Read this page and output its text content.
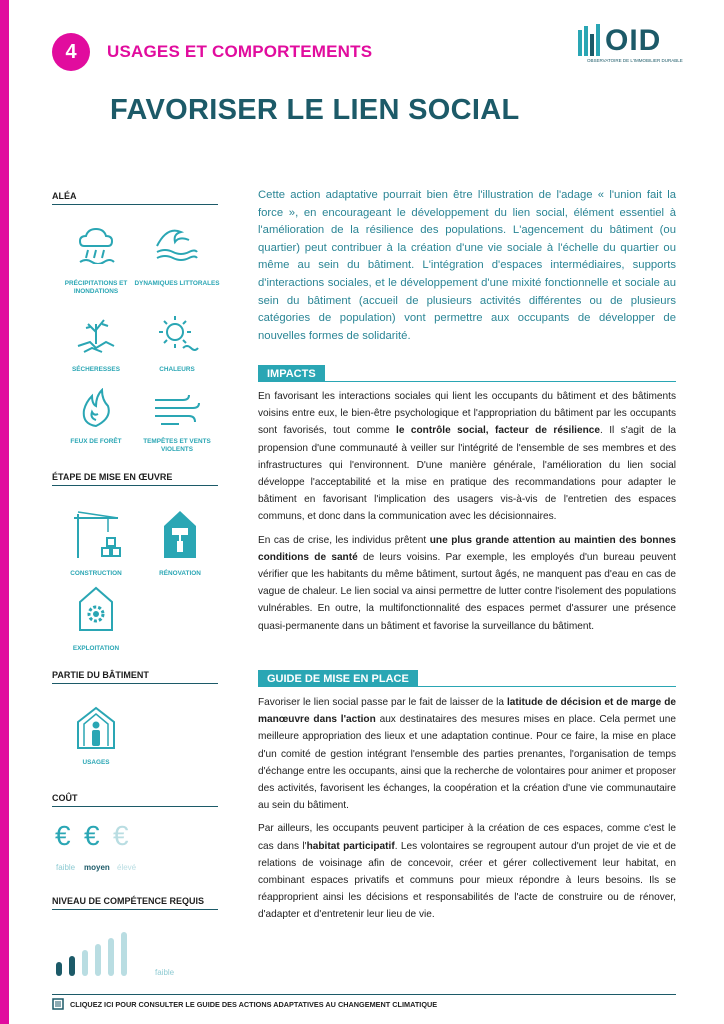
4 USAGES ET COMPORTEMENTS	OID
OBSERVATOIRE DE L'IMMOBILIER DURABLE
FAVORISER LE LIEN SOCIAL
ALÉA
PRÉCIPITATIONS ET INONDATIONS
DYNAMIQUES LITTORALES
SÉCHERESSES	CHALEURS
FEUX DE FORÊT	TEMPÊTES ET VENTS VIOLENTS
ÉTAPE DE MISE EN ŒUVRE
CONSTRUCTION	RÉNOVATION
EXPLOITATION
PARTIE DU BÂTIMENT
USAGES
COÛT
€ € €
faible moyen élevé
NIVEAU DE COMPÉTENCE REQUIS
faible
Cette action adaptative pourrait bien être l'illustration de l'adage « l'union fait la force », en encourageant le développement du lien social, élément essentiel à l'amélioration de la résilience des populations. L'agencement du bâtiment (ou quartier) peut contribuer à la création d'une vie sociale à l'échelle du quartier ou même au sein du bâtiment. L'intégration d'espaces intermédiaires, supports d'interactions sociales, et le développement d'une mixité fonctionnelle et sociale au sein du bâtiment (accueil de plusieurs activités différentes ou de plusieurs catégories de population) vont permettre aux occupants de développer de nouvelles formes de solidarité.
IMPACTS

En favorisant les interactions sociales qui lient les occupants du bâtiment et des bâtiments voisins entre eux, le bien-être psychologique et l'appropriation du bâtiment par les occupants sont favorisés, tout comme le contrôle social, facteur de résilience. Il s'agit de la propension d'une communauté à veiller sur l'intégrité de l'ensemble de ses membres et des infrastructures qui l'environnent. D'une manière générale, l'amélioration du lien social développe l'acceptabilité et la mise en pratique des recommandations pour adapter le bâtiment en favorisant l'implication des usagers vis-à-vis de l'entretien des espaces communs, et donc dans la communication avec les décisionnaires.

En cas de crise, les individus prêtent une plus grande attention au maintien des bonnes conditions de santé de leurs voisins. Par exemple, les employés d'un bureau peuvent vérifier que les habitants du même bâtiment, surtout âgés, ne manquent pas d'eau en cas de vague de chaleur. Le lien social va ainsi permettre de lutter contre l'isolement des populations vulnérables. En outre, la multifonctionnalité des espaces permet d'assurer une présence quasi-permanente dans un bâtiment et favorise la surveillance du bâtiment.

GUIDE DE MISE EN PLACE

Favoriser le lien social passe par le fait de laisser de la latitude de décision et de marge de manœuvre dans l'action aux destinataires des mesures mises en place. Cela permet une meilleure appropriation des lieux et une adaptation continue. Pour ce faire, la mise en place d'un comité de gestion intégrant l'ensemble des parties prenantes, l'organisation de temps d'échange entre les occupants, ainsi que la recherche de volontaires pour animer et proposer des activités, favorisent les échanges, la coopération et la création d'une vie communautaire au sein du bâtiment.

Par ailleurs, les occupants peuvent participer à la création de ces espaces, comme c'est le cas dans l'habitat participatif. Les volontaires se regroupent autour d'un projet de vie et de relations de voisinage afin de concevoir, créer et gérer collectivement leur habitat, en combinant espaces privatifs et communs pour mieux répondre à leurs besoins. Ils se réapproprient ainsi les décisions et responsabilités de l'acte de construire ou de rénover, d'adapter et d'entretenir leur lieu de vie.

CLIQUEZ ICI POUR CONSULTER LE GUIDE DES ACTIONS ADAPTATIVES AU CHANGEMENT CLIMATIQUE
